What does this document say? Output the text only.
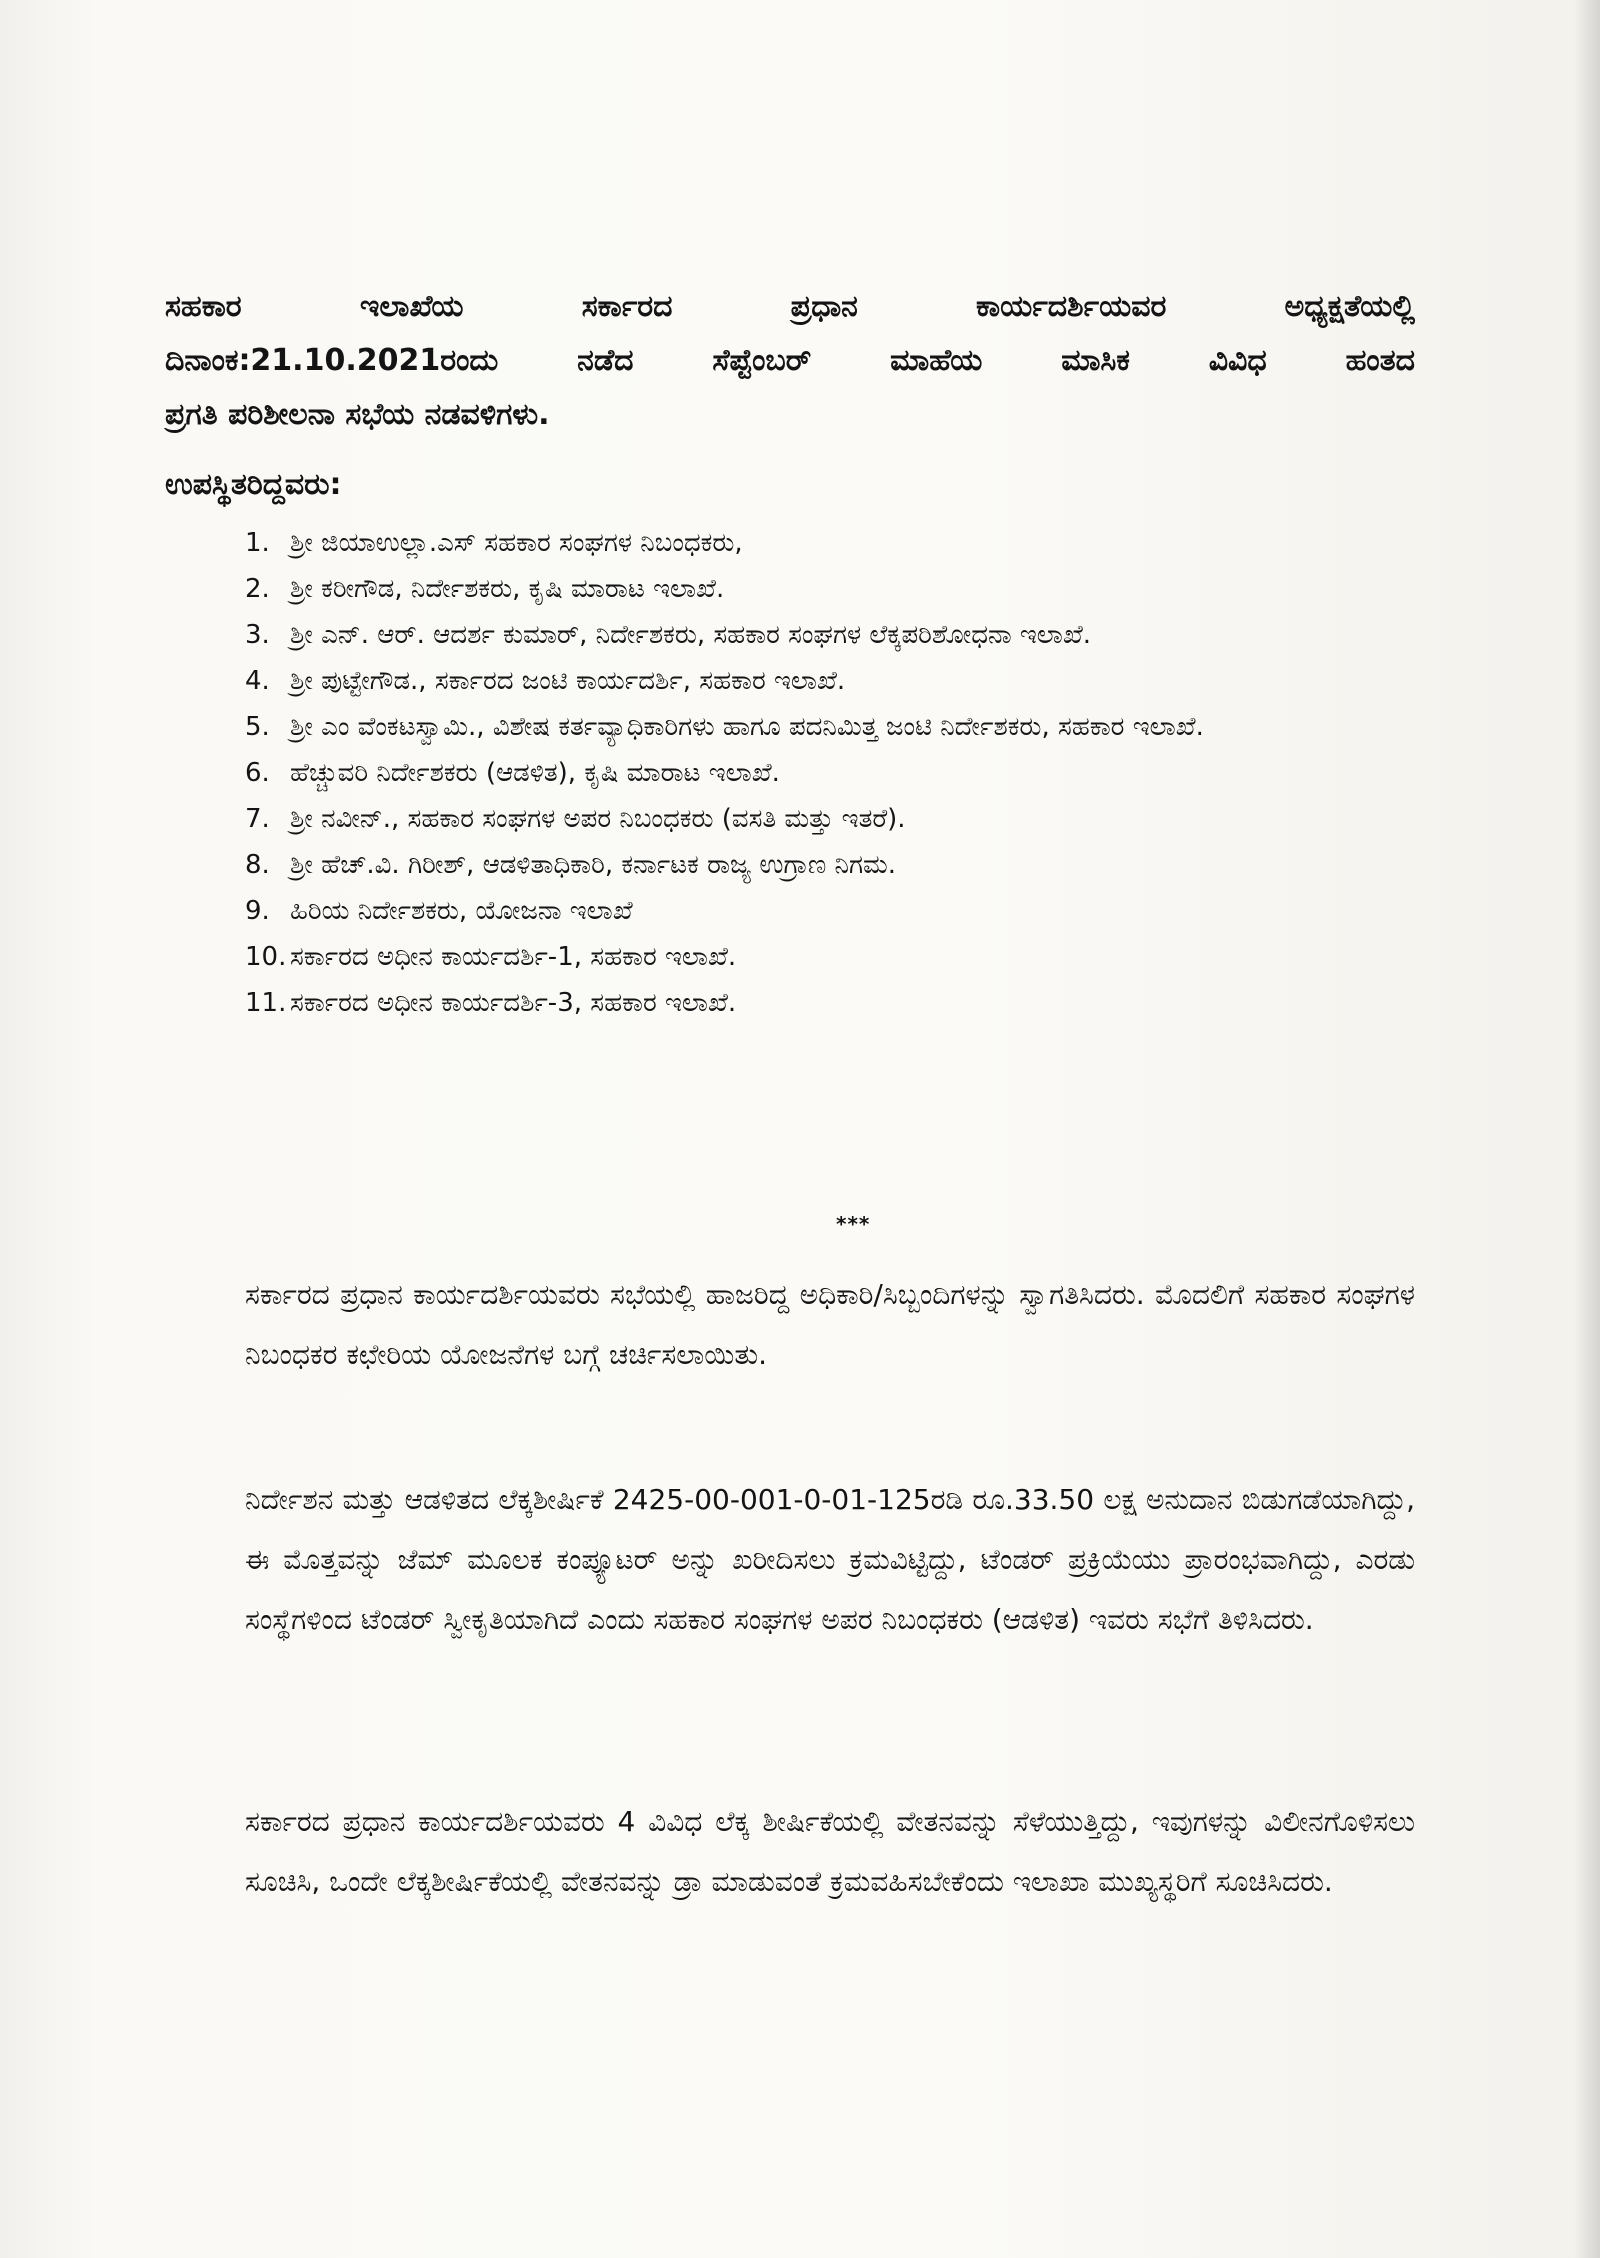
ಸಹಕಾರ ಇಲಾಖೆಯ ಸರ್ಕಾರದ ಪ್ರಧಾನ ಕಾರ್ಯದರ್ಶಿಯವರ ಅಧ್ಯಕ್ಷತೆಯಲ್ಲಿ
ದಿನಾಂಕ:21.10.2021ರಂದು ನಡೆದ ಸೆಪ್ಟೆಂಬರ್ ಮಾಹೆಯ ಮಾಸಿಕ ವಿವಿಧ ಹಂತದ
ಪ್ರಗತಿ ಪರಿಶೀಲನಾ ಸಭೆಯ ನಡವಳಿಗಳು.
ಉಪಸ್ಥಿತರಿದ್ದವರು:
1. ಶ್ರೀ ಜಿಯಾಉಲ್ಲಾ.ಎಸ್ ಸಹಕಾರ ಸಂಘಗಳ ನಿಬಂಧಕರು,
2. ಶ್ರೀ ಕರೀಗೌಡ, ನಿರ್ದೇಶಕರು, ಕೃಷಿ ಮಾರಾಟ ಇಲಾಖೆ.
3. ಶ್ರೀ ಎನ್. ಆರ್. ಆದರ್ಶ ಕುಮಾರ್, ನಿರ್ದೇಶಕರು, ಸಹಕಾರ ಸಂಘಗಳ ಲೆಕ್ಕಪರಿಶೋಧನಾ ಇಲಾಖೆ.
4. ಶ್ರೀ ಪುಟ್ಟೇಗೌಡ., ಸರ್ಕಾರದ ಜಂಟಿ ಕಾರ್ಯದರ್ಶಿ, ಸಹಕಾರ ಇಲಾಖೆ.
5. ಶ್ರೀ ಎಂ ವೆಂಕಟಸ್ವಾಮಿ., ವಿಶೇಷ ಕರ್ತವ್ಯಾಧಿಕಾರಿಗಳು ಹಾಗೂ ಪದನಿಮಿತ್ತ ಜಂಟಿ ನಿರ್ದೇಶಕರು, ಸಹಕಾರ ಇಲಾಖೆ.
6. ಹೆಚ್ಚುವರಿ ನಿರ್ದೇಶಕರು (ಆಡಳಿತ), ಕೃಷಿ ಮಾರಾಟ ಇಲಾಖೆ.
7. ಶ್ರೀ ನವೀನ್., ಸಹಕಾರ ಸಂಘಗಳ ಅಪರ ನಿಬಂಧಕರು (ವಸತಿ ಮತ್ತು ಇತರೆ).
8. ಶ್ರೀ ಹೆಚ್.ವಿ. ಗಿರೀಶ್, ಆಡಳಿತಾಧಿಕಾರಿ, ಕರ್ನಾಟಕ ರಾಜ್ಯ ಉಗ್ರಾಣ ನಿಗಮ.
9. ಹಿರಿಯ ನಿರ್ದೇಶಕರು, ಯೋಜನಾ ಇಲಾಖೆ
10. ಸರ್ಕಾರದ ಅಧೀನ ಕಾರ್ಯದರ್ಶಿ-1, ಸಹಕಾರ ಇಲಾಖೆ.
11. ಸರ್ಕಾರದ ಅಧೀನ ಕಾರ್ಯದರ್ಶಿ-3, ಸಹಕಾರ ಇಲಾಖೆ.
***
ಸರ್ಕಾರದ ಪ್ರಧಾನ ಕಾರ್ಯದರ್ಶಿಯವರು ಸಭೆಯಲ್ಲಿ ಹಾಜರಿದ್ದ ಅಧಿಕಾರಿ/ಸಿಬ್ಬಂದಿಗಳನ್ನು ಸ್ವಾಗತಿಸಿದರು. ಮೊದಲಿಗೆ ಸಹಕಾರ ಸಂಘಗಳ ನಿಬಂಧಕರ ಕಛೇರಿಯ ಯೋಜನೆಗಳ ಬಗ್ಗೆ ಚರ್ಚಿಸಲಾಯಿತು.
ನಿರ್ದೇಶನ ಮತ್ತು ಆಡಳಿತದ ಲೆಕ್ಕಶೀರ್ಷಿಕೆ 2425-00-001-0-01-125ರಡಿ ರೂ.33.50 ಲಕ್ಷ ಅನುದಾನ ಬಿಡುಗಡೆಯಾಗಿದ್ದು, ಈ ಮೊತ್ತವನ್ನು ಜೆಮ್ ಮೂಲಕ ಕಂಪ್ಯೂಟರ್ ಅನ್ನು ಖರೀದಿಸಲು ಕ್ರಮವಿಟ್ಟಿದ್ದು, ಟೆಂಡರ್ ಪ್ರಕ್ರಿಯೆಯು ಪ್ರಾರಂಭವಾಗಿದ್ದು, ಎರಡು ಸಂಸ್ಥೆಗಳಿಂದ ಟೆಂಡರ್ ಸ್ವೀಕೃತಿಯಾಗಿದೆ ಎಂದು ಸಹಕಾರ ಸಂಘಗಳ ಅಪರ ನಿಬಂಧಕರು (ಆಡಳಿತ) ಇವರು ಸಭೆಗೆ ತಿಳಿಸಿದರು.
ಸರ್ಕಾರದ ಪ್ರಧಾನ ಕಾರ್ಯದರ್ಶಿಯವರು 4 ವಿವಿಧ ಲೆಕ್ಕ ಶೀರ್ಷಿಕೆಯಲ್ಲಿ ವೇತನವನ್ನು ಸೆಳೆಯುತ್ತಿದ್ದು, ಇವುಗಳನ್ನು ವಿಲೀನಗೊಳಿಸಲು ಸೂಚಿಸಿ, ಒಂದೇ ಲೆಕ್ಕಶೀರ್ಷಿಕೆಯಲ್ಲಿ ವೇತನವನ್ನು ಡ್ರಾ ಮಾಡುವಂತೆ ಕ್ರಮವಹಿಸಬೇಕೆಂದು ಇಲಾಖಾ ಮುಖ್ಯಸ್ಥರಿಗೆ ಸೂಚಿಸಿದರು.
